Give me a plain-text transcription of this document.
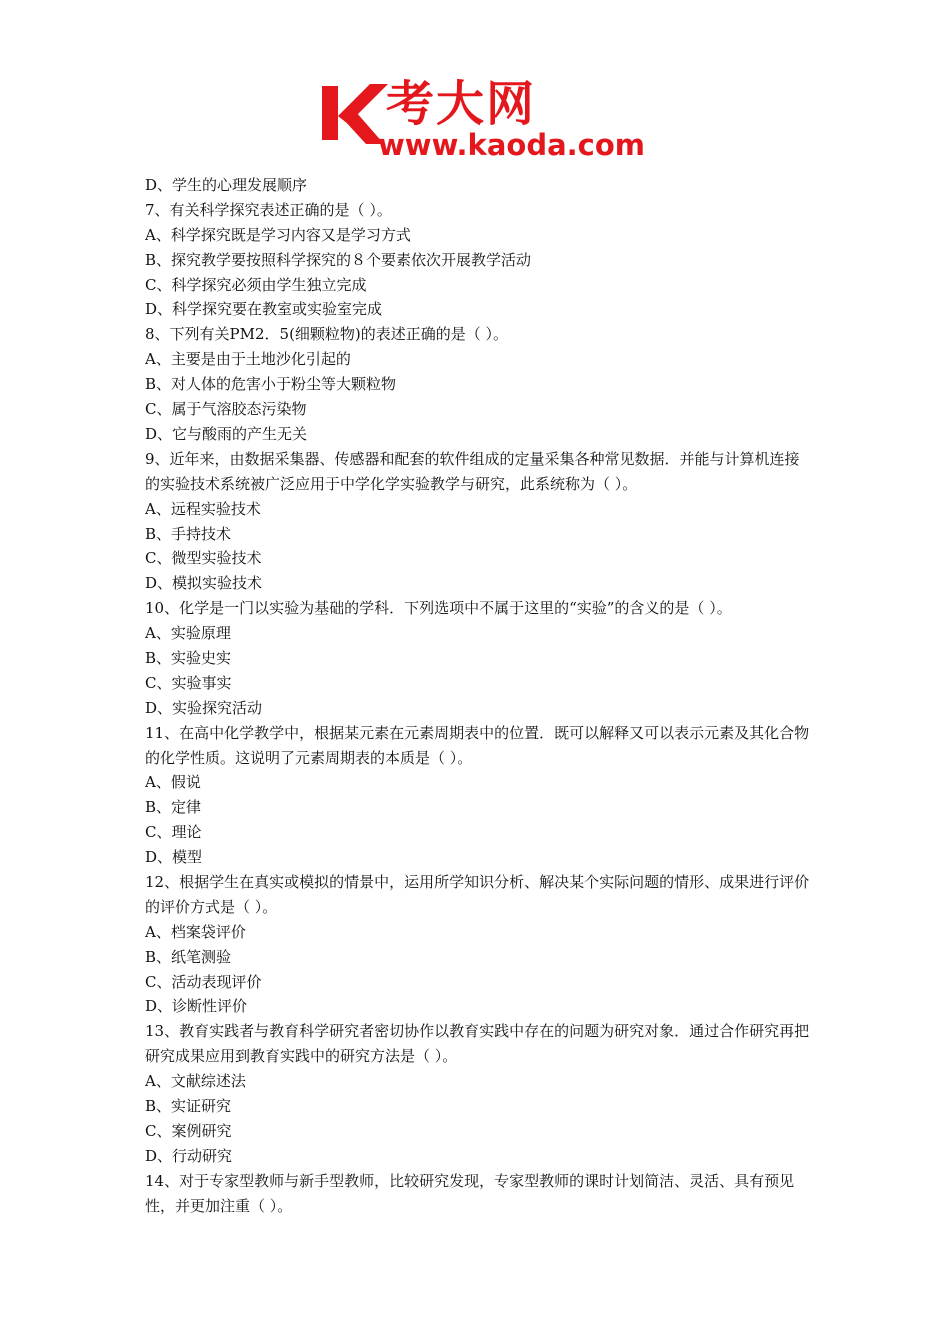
考大网
www.kaoda.com
D、学生的心理发展顺序
7、有关科学探究表述正确的是（ ）。
A、科学探究既是学习内容又是学习方式
B、探究教学要按照科学探究的８个要素依次开展教学活动
C、科学探究必须由学生独立完成
D、科学探究要在教室或实验室完成
8、下列有关PM2．5(细颗粒物)的表述正确的是（ ）。
A、主要是由于土地沙化引起的
B、对人体的危害小于粉尘等大颗粒物
C、属于气溶胶态污染物
D、它与酸雨的产生无关
9、近年来，由数据采集器、传感器和配套的软件组成的定量采集各种常见数据．并能与计算机连接的实验技术系统被广泛应用于中学化学实验教学与研究，此系统称为（ ）。
A、远程实验技术
B、手持技术
C、微型实验技术
D、模拟实验技术
10、化学是一门以实验为基础的学科．下列选项中不属于这里的“实验”的含义的是（ ）。
A、实验原理
B、实验史实
C、实验事实
D、实验探究活动
11、在高中化学教学中，根据某元素在元素周期表中的位置．既可以解释又可以表示元素及其化合物的化学性质。这说明了元素周期表的本质是（ ）。
A、假说
B、定律
C、理论
D、模型
12、根据学生在真实或模拟的情景中，运用所学知识分析、解决某个实际问题的情形、成果进行评价的评价方式是（ ）。
A、档案袋评价
B、纸笔测验
C、活动表现评价
D、诊断性评价
13、教育实践者与教育科学研究者密切协作以教育实践中存在的问题为研究对象．通过合作研究再把研究成果应用到教育实践中的研究方法是（ ）。
A、文献综述法
B、实证研究
C、案例研究
D、行动研究
14、对于专家型教师与新手型教师，比较研究发现，专家型教师的课时计划简洁、灵活、具有预见性，并更加注重（ ）。
